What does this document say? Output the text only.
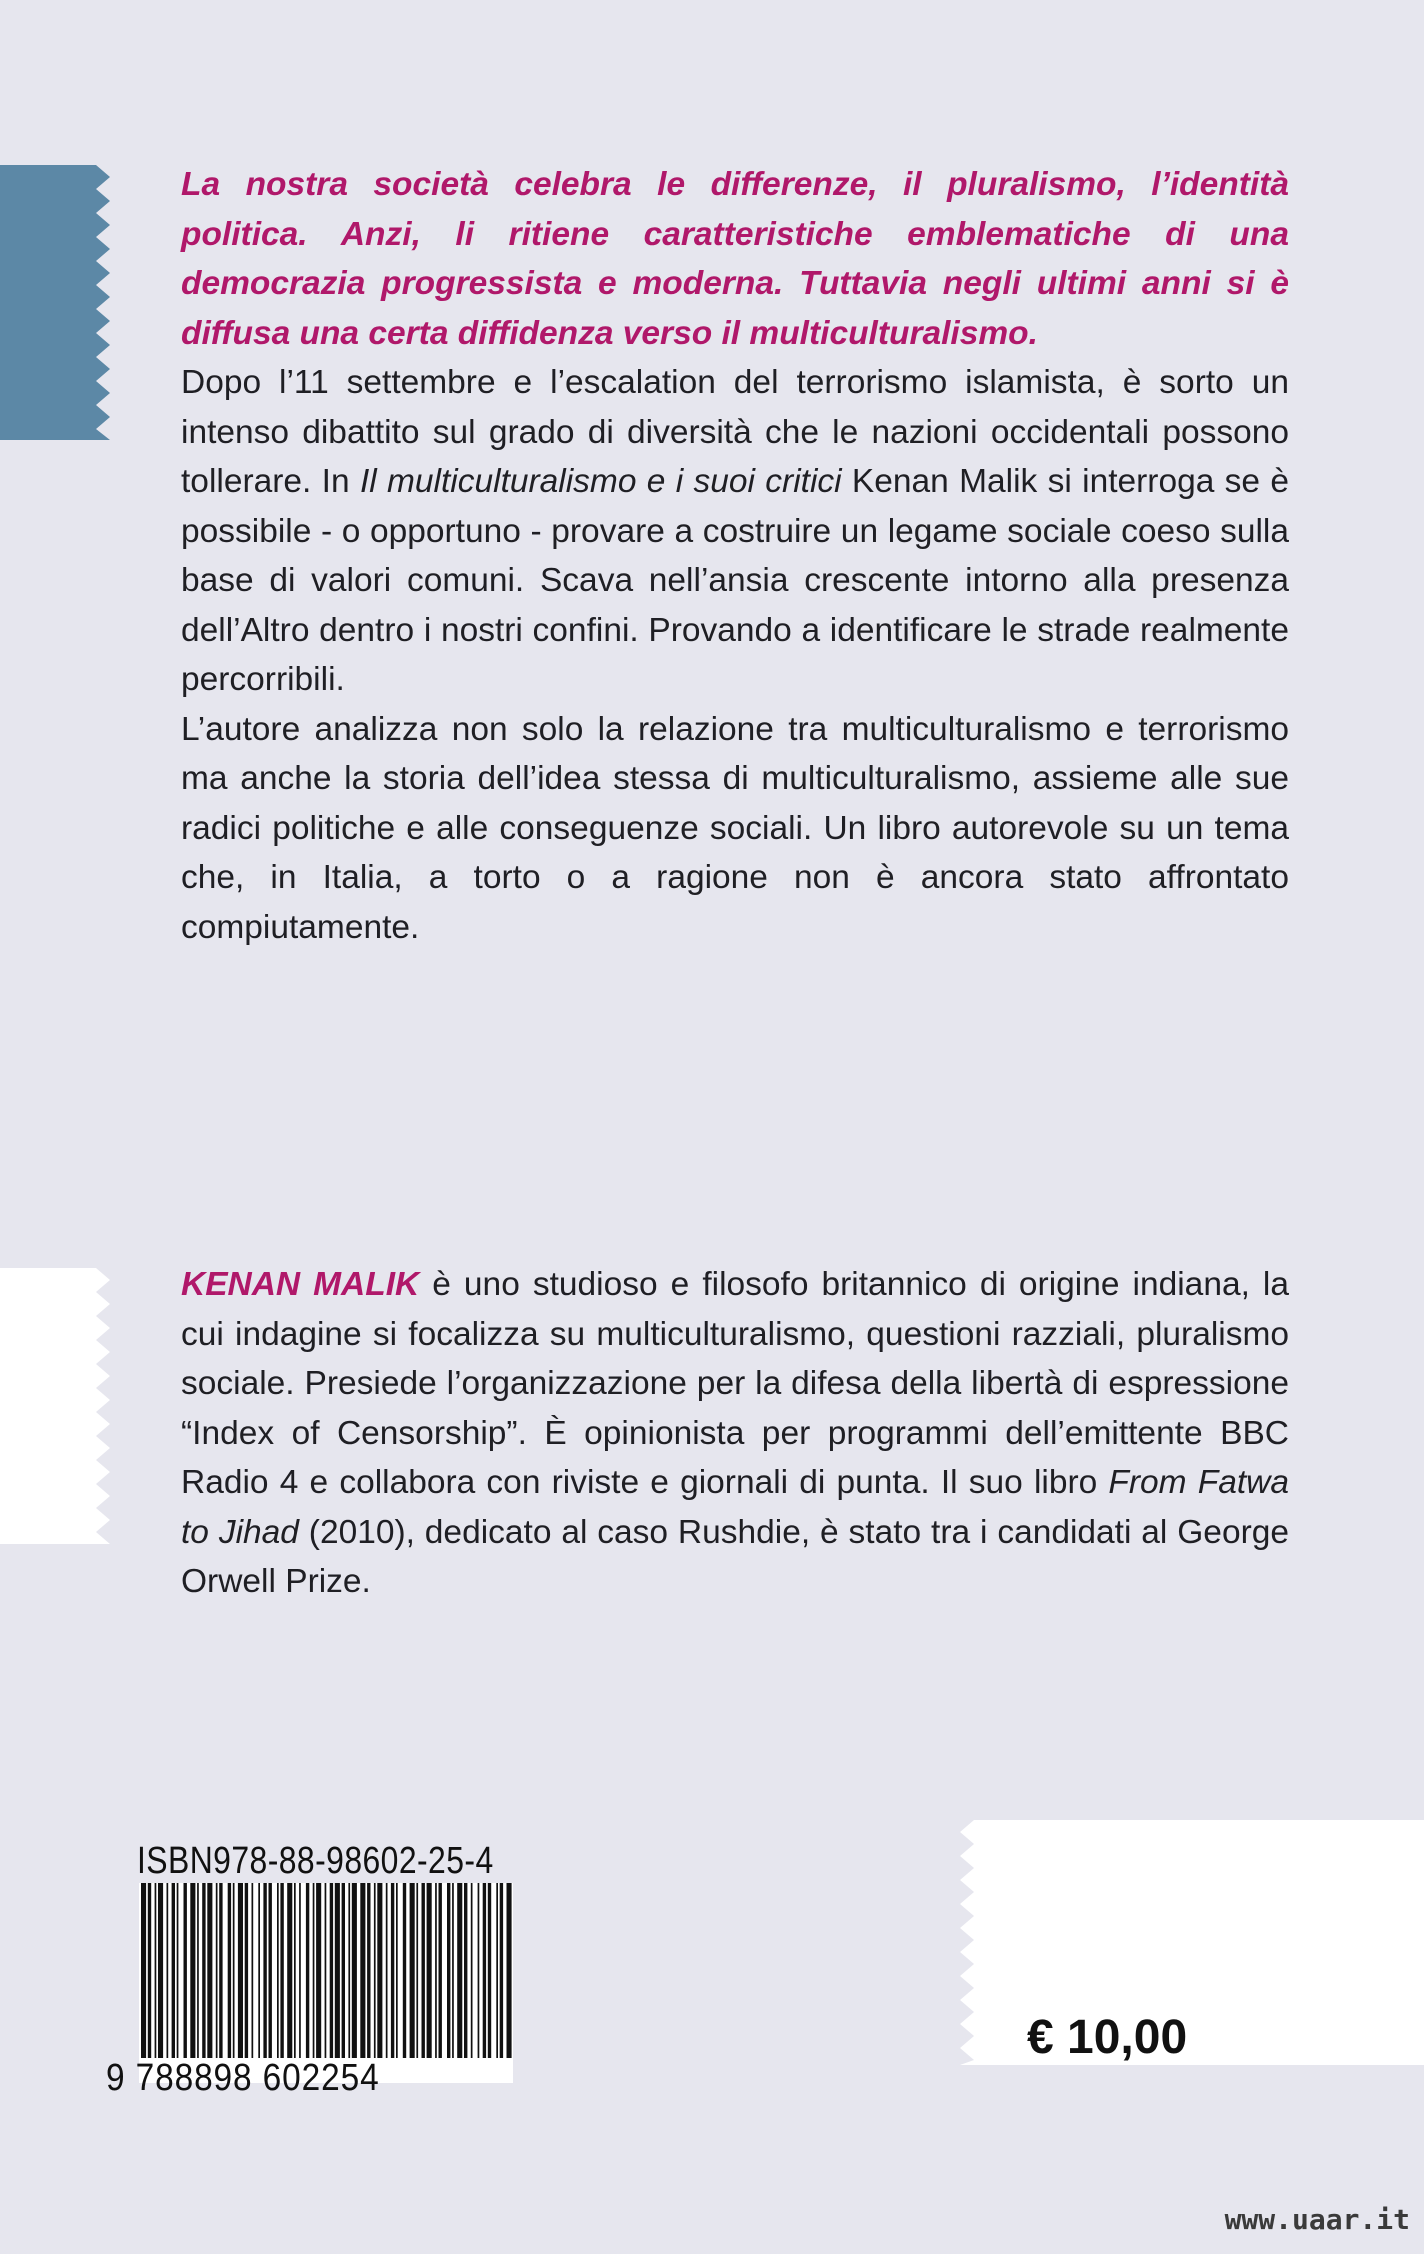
La nostra società celebra le differenze, il pluralismo, l’identità politica. Anzi, li ritiene caratteristiche emblematiche di una democrazia progressista e moderna. Tuttavia negli ultimi anni si è diffusa una certa diffidenza verso il multiculturalismo.

Dopo l’11 settembre e l’escalation del terrorismo islamista, è sorto un intenso dibattito sul grado di diversità che le nazioni occidentali possono tollerare. In Il multiculturalismo e i suoi critici Kenan Malik si interroga se è possibile - o opportuno - provare a costruire un legame sociale coeso sulla base di valori comuni. Scava nell’ansia crescente intorno alla presenza dell’Altro dentro i nostri confini. Provando a identificare le strade realmente percorribili.

L’autore analizza non solo la relazione tra multiculturalismo e terrorismo ma anche la storia dell’idea stessa di multiculturalismo, assieme alle sue radici politiche e alle conseguenze sociali. Un libro autorevole su un tema che, in Italia, a torto o a ragione non è ancora stato affrontato compiutamente.

KENAN MALIK è uno studioso e filosofo britannico di origine indiana, la cui indagine si focalizza su multiculturalismo, questioni razziali, pluralismo sociale. Presiede l’organizzazione per la difesa della libertà di espressione “Index of Censorship”. È opinionista per programmi dell’emittente BBC Radio 4 e collabora con riviste e giornali di punta. Il suo libro From Fatwa to Jihad (2010), dedicato al caso Rushdie, è stato tra i candidati al George Orwell Prize.

ISBN978-88-98602-25-4
9 788898 602254
€ 10,00
www.uaar.it
